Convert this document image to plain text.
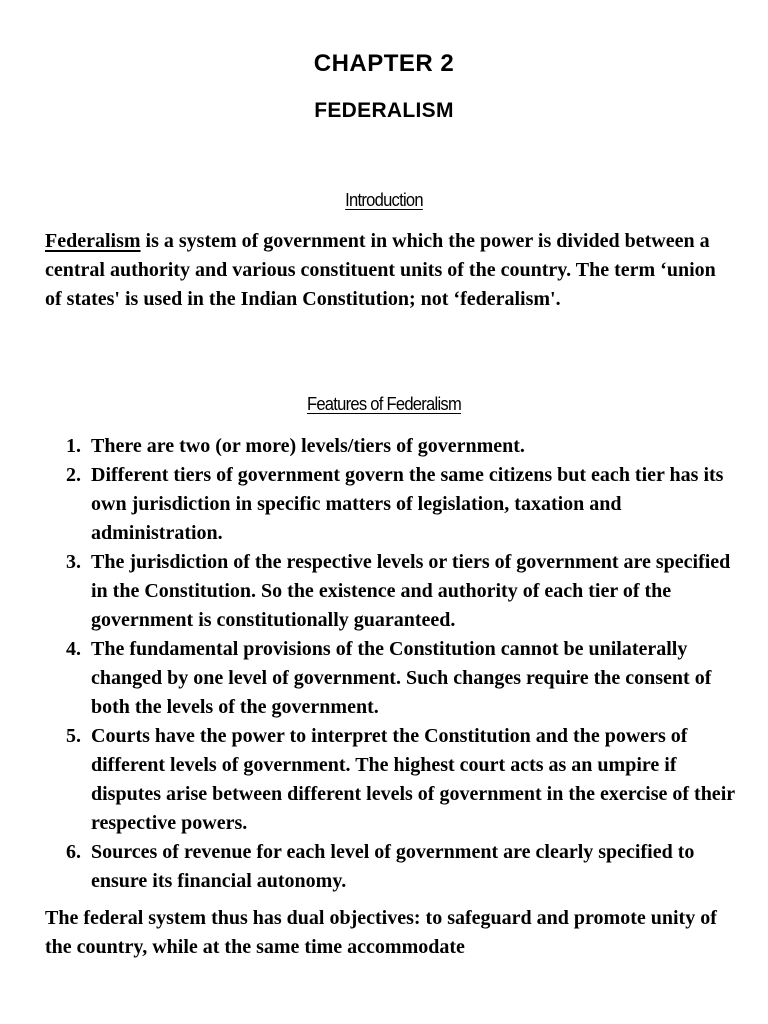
CHAPTER 2
FEDERALISM
Introduction
Federalism is a system of government in which the power is divided between a central authority and various constituent units of the country. The term ‘union of states' is used in the Indian Constitution; not ‘federalism'.
Features of Federalism
1. There are two (or more) levels/tiers of government.
2. Different tiers of government govern the same citizens but each tier has its own jurisdiction in specific matters of legislation, taxation and administration.
3. The jurisdiction of the respective levels or tiers of government are specified in the Constitution. So the existence and authority of each tier of the government is constitutionally guaranteed.
4. The fundamental provisions of the Constitution cannot be unilaterally changed by one level of government. Such changes require the consent of both the levels of the government.
5. Courts have the power to interpret the Constitution and the powers of different levels of government. The highest court acts as an umpire if disputes arise between different levels of government in the exercise of their respective powers.
6. Sources of revenue for each level of government are clearly specified to ensure its financial autonomy.
The federal system thus has dual objectives: to safeguard and promote unity of the country, while at the same time accommodate
